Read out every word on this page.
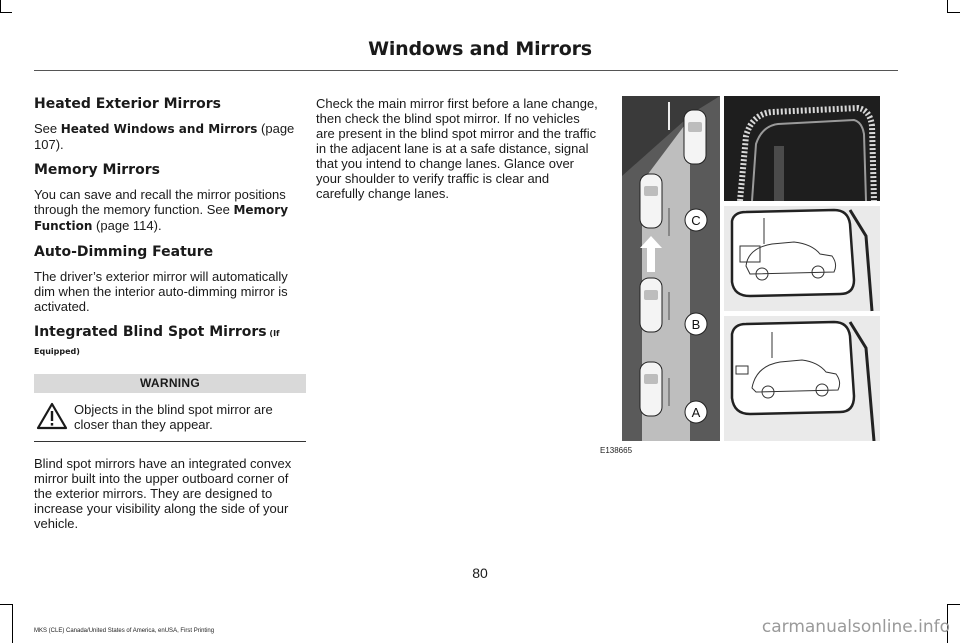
Windows and Mirrors
Heated Exterior Mirrors

See Heated Windows and Mirrors (page 107).

Memory Mirrors

You can save and recall the mirror positions through the memory function. See Memory Function (page 114).

Auto-Dimming Feature

The driver’s exterior mirror will automatically dim when the interior auto-dimming mirror is activated.

Integrated Blind Spot Mirrors (If Equipped)
WARNING
Objects in the blind spot mirror are closer than they appear.

Blind spot mirrors have an integrated convex mirror built into the upper outboard corner of the exterior mirrors. They are designed to increase your visibility along the side of your vehicle.

Check the main mirror first before a lane change, then check the blind spot mirror. If no vehicles are present in the blind spot mirror and the traffic in the adjacent lane is at a safe distance, signal that you intend to change lanes. Glance over your shoulder to verify traffic is clear and carefully change lanes.

C
B
A
E138665
80
MKS (CLE) Canada/United States of America, enUSA, First Printing	carmanualsonline.info
